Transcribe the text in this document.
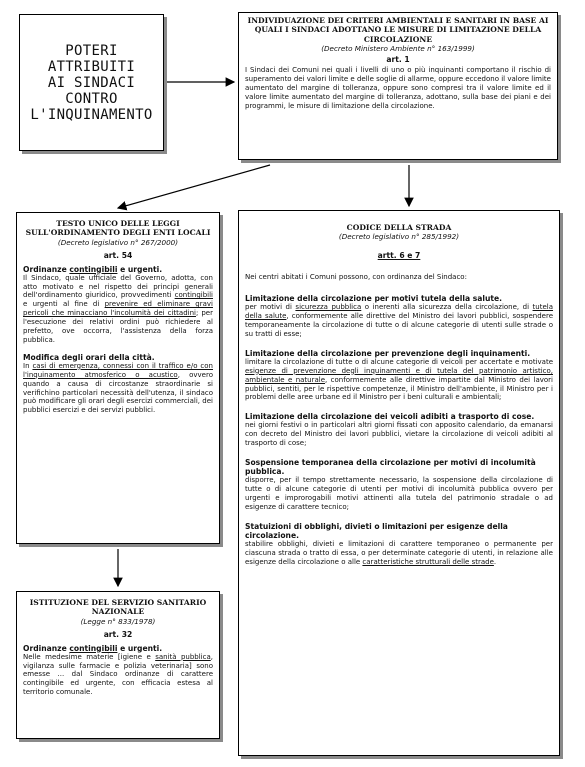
POTERI
ATTRIBUITI
AI SINDACI
CONTRO
L'INQUINAMENTO
INDIVIDUAZIONE DEI CRITERI AMBIENTALI E SANITARI IN BASE AI QUALI I SINDACI ADOTTANO LE MISURE DI LIMITAZIONE DELLA CIRCOLAZIONE
(Decreto Ministero Ambiente n° 163/1999)
art. 1
I Sindaci dei Comuni nei quali i livelli di uno o più inquinanti comportano il rischio di superamento dei valori limite e delle soglie di allarme, oppure eccedono il valore limite aumentato del margine di tolleranza, oppure sono compresi tra il valore limite ed il valore limite aumentato del margine di tolleranza, adottano, sulla base dei piani e dei programmi, le misure di limitazione della circolazione.
TESTO UNICO DELLE LEGGI SULL'ORDINAMENTO DEGLI ENTI LOCALI
(Decreto legislativo n° 267/2000)
art. 54
Ordinanze contingibili e urgenti.
Il Sindaco, quale ufficiale del Governo, adotta, con atto motivato e nel rispetto dei principi generali dell'ordinamento giuridico, provvedimenti contingibili e urgenti al fine di prevenire ed eliminare gravi pericoli che minacciano l'incolumità dei cittadini; per l'esecuzione dei relativi ordini può richiedere al prefetto, ove occorra, l'assistenza della forza pubblica.
Modifica degli orari della città.
In casi di emergenza, connessi con il traffico e/o con l'inquinamento atmosferico o acustico, ovvero quando a causa di circostanze straordinarie si verifichino particolari necessità dell'utenza, il sindaco può modificare gli orari degli esercizi commerciali, dei pubblici esercizi e dei servizi pubblici.
ISTITUZIONE DEL SERVIZIO SANITARIO NAZIONALE
(Legge n° 833/1978)
art. 32
Ordinanze contingibili e urgenti.
Nelle medesime materie [igiene e sanità pubblica, vigilanza sulle farmacie e polizia veterinaria] sono emesse ... dal Sindaco ordinanze di carattere contingibile ed urgente, con efficacia estesa al territorio comunale.
CODICE DELLA STRADA
(Decreto legislativo n° 285/1992)
artt. 6 e 7
Nei centri abitati i Comuni possono, con ordinanza del Sindaco:
Limitazione della circolazione per motivi tutela della salute.
per motivi di sicurezza pubblica o inerenti alla sicurezza della circolazione, di tutela della salute, conformemente alle direttive del Ministro dei lavori pubblici, sospendere temporaneamente la circolazione di tutte o di alcune categorie di utenti sulle strade o su tratti di esse;
Limitazione della circolazione per prevenzione degli inquinamenti.
limitare la circolazione di tutte o di alcune categorie di veicoli per accertate e motivate esigenze di prevenzione degli inquinamenti e di tutela del patrimonio artistico, ambientale e naturale, conformemente alle direttive impartite dal Ministro dei lavori pubblici, sentiti, per le rispettive competenze, il Ministro dell'ambiente, il Ministro per i problemi delle aree urbane ed il Ministro per i beni culturali e ambientali;
Limitazione della circolazione dei veicoli adibiti a trasporto di cose.
nei giorni festivi o in particolari altri giorni fissati con apposito calendario, da emanarsi con decreto del Ministro dei lavori pubblici, vietare la circolazione di veicoli adibiti al trasporto di cose;
Sospensione temporanea della circolazione per motivi di incolumità pubblica.
disporre, per il tempo strettamente necessario, la sospensione della circolazione di tutte o di alcune categorie di utenti per motivi di incolumità pubblica ovvero per urgenti e improrogabili motivi attinenti alla tutela del patrimonio stradale o ad esigenze di carattere tecnico;
Statuizioni di obblighi, divieti o limitazioni per esigenze della circolazione.
stabilire obblighi, divieti e limitazioni di carattere temporaneo o permanente per ciascuna strada o tratto di essa, o per determinate categorie di utenti, in relazione alle esigenze della circolazione o alle caratteristiche strutturali delle strade.
